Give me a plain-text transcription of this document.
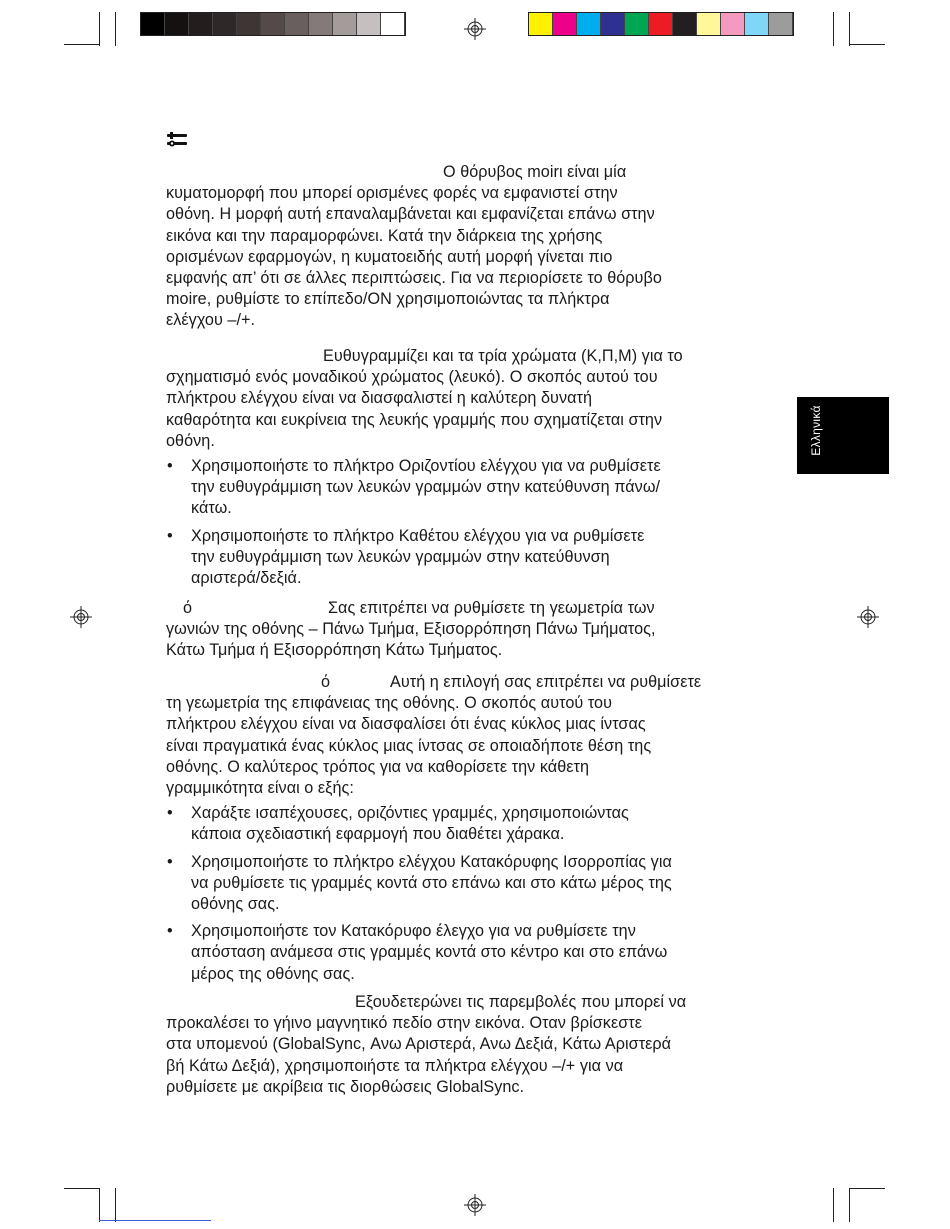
Ελληνικά

Ο θόρυβος moirι είναι μία

κυματομορφή που μπορεί ορισμένες φορές να εμφανιστεί στην

οθόνη. Η μορφή αυτή επαναλαμβάνεται και εμφανίζεται επάνω στην

εικόνα και την παραμορφώνει. Κατά την διάρκεια της χρήσης

ορισμένων εφαρμογών, η κυματοειδής αυτή μορφή γίνεται πιο

εμφανής απ’ ότι σε άλλες περιπτώσεις. Για να περιορίσετε το θόρυβο

moire, ρυθμίστε το επίπεδο/ON χρησιμοποιώντας τα πλήκτρα

ελέγχου –/+.

Ευθυγραμμίζει και τα τρία χρώματα (Κ,Π,Μ) για το

σχηματισμό ενός μοναδικού χρώματος (λευκό). Ο σκοπός αυτού του

πλήκτρου ελέγχου είναι να διασφαλιστεί η καλύτερη δυνατή

καθαρότητα και ευκρίνεια της λευκής γραμμής που σχηματίζεται στην

οθόνη.

• Χρησιμοποιήστε το πλήκτρο Οριζοντίου ελέγχου για να ρυθμίσετε

την ευθυγράμμιση των λευκών γραμμών στην κατεύθυνση πάνω/

κάτω.

• Χρησιμοποιήστε το πλήκτρο Καθέτου ελέγχου για να ρυθμίσετε

την ευθυγράμμιση των λευκών γραμμών στην κατεύθυνση

αριστερά/δεξιά.

ό	Σας επιτρέπει να ρυθμίσετε τη γεωμετρία των

γωνιών της οθόνης – Πάνω Τμήμα, Εξισορρόπηση Πάνω Τμήματος,

Κάτω Τμήμα ή Εξισορρόπηση Κάτω Τμήματος.

ό	Αυτή η επιλογή σας επιτρέπει να ρυθμίσετε

τη γεωμετρία της επιφάνειας της οθόνης. Ο σκοπός αυτού του

πλήκτρου ελέγχου είναι να διασφαλίσει ότι ένας κύκλος μιας ίντσας

είναι πραγματικά ένας κύκλος μιας ίντσας σε οποιαδήποτε θέση της

οθόνης. Ο καλύτερος τρόπος για να καθορίσετε την κάθετη

γραμμικότητα είναι ο εξής:

• Χαράξτε ισαπέχουσες, οριζόντιες γραμμές, χρησιμοποιώντας

κάποια σχεδιαστική εφαρμογή που διαθέτει χάρακα.

• Χρησιμοποιήστε το πλήκτρο ελέγχου Κατακόρυφης Ισορροπίας για

να ρυθμίσετε τις γραμμές κοντά στο επάνω και στο κάτω μέρος της

οθόνης σας.

• Χρησιμοποιήστε τον Κατακόρυφο έλεγχο για να ρυθμίσετε την

απόσταση ανάμεσα στις γραμμές κοντά στο κέντρο και στο επάνω

μέρος της οθόνης σας.

Εξουδετερώνει τις παρεμβολές που μπορεί να

προκαλέσει το γήινο μαγνητικό πεδίο στην εικόνα. Οταν βρίσκεστε

στα υπομενού (GlobalSync, Ανω Αριστερά, Ανω Δεξιά, Κάτω Αριστερά

βή Κάτω Δεξιά), χρησιμοποιήστε τα πλήκτρα ελέγχου –/+ για να

ρυθμίσετε με ακρίβεια τις διορθώσεις GlobalSync.
